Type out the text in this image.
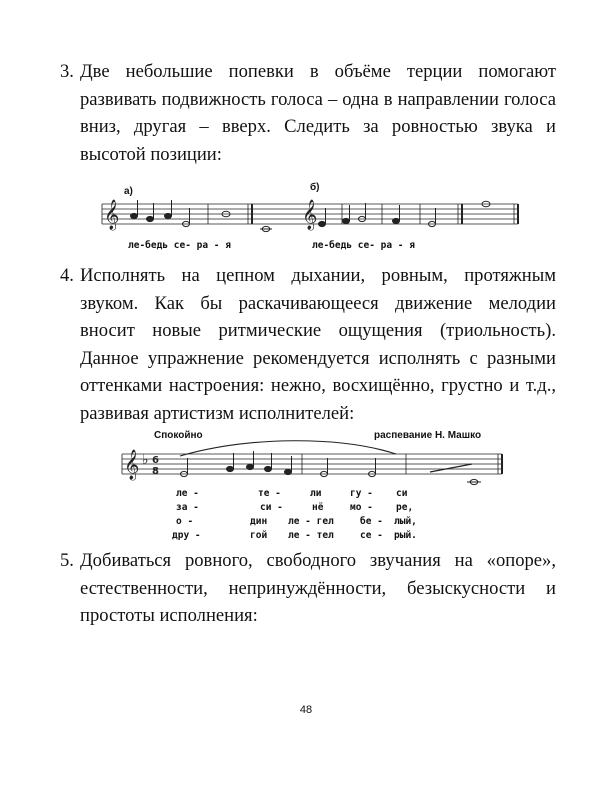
3. Две небольшие попевки в объёме терции помогают развивать подвижность голоса – одна в направлении голоса вниз, другая – вверх. Следить за ровностью звука и высотой позиции:
𝄞	𝄞
а)	б)
ле-бедь се- ра - я	ле-бедь се- ра - я
4. Исполнять на цепном дыхании, ровным, протяжным звуком. Как бы раскачивающееся движение мелодии вносит новые ритмические ощущения (триольность). Данное упражнение рекомендуется исполнять с разными оттенками настроения: нежно, восхищённо, грустно и т.д., развивая артистизм исполнителей:
Спокойно	распевание Н. Машко
𝄞 ♭ 6
8
ле -	те -	ли	гу - си
за -	си -	нё	мо - ре,
о -	дин ле - гел	бе - лый,
дру -	гой ле - тел	се - рый.
5. Добиваться ровного, свободного звучания на «опоре», естественности, непринуждённости, безыскусности и простоты исполнения:
48
